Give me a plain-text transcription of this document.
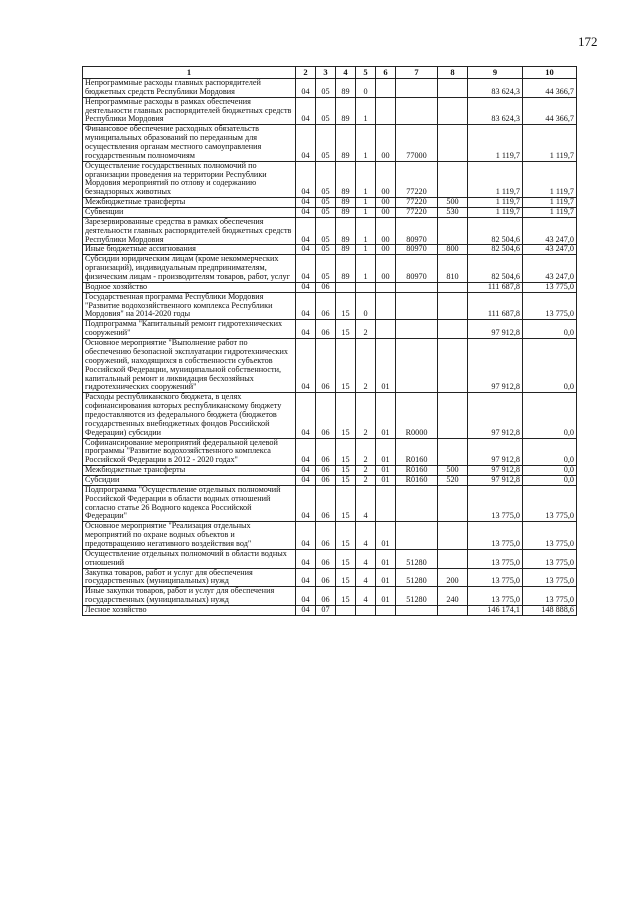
172
1	2	3	4	5	6	7	8	9	10
Непрограммные расходы главных распорядителей бюджетных средств Республики Мордовия	04	05	89	0				83 624,3	44 366,7
Непрограммные расходы в рамках обеспечения деятельности главных распорядителей бюджетных средств Республики Мордовия	04	05	89	1				83 624,3	44 366,7
Финансовое обеспечение расходных обязательств муниципальных образований по переданным для осуществления органам местного самоуправления государственным полномочиям	04	05	89	1	00	77000		1 119,7	1 119,7
Осуществление государственных полномочий по организации проведения на территории Республики Мордовия мероприятий по отлову и содержанию безнадзорных животных	04	05	89	1	00	77220		1 119,7	1 119,7
Межбюджетные трансферты	04	05	89	1	00	77220	500	1 119,7	1 119,7
Субвенции	04	05	89	1	00	77220	530	1 119,7	1 119,7
Зарезервированные средства в рамках обеспечения деятельности главных распорядителей бюджетных средств Республики Мордовия	04	05	89	1	00	80970		82 504,6	43 247,0
Иные бюджетные ассигнования	04	05	89	1	00	80970	800	82 504,6	43 247,0
Субсидии юридическим лицам (кроме некоммерческих организаций), индивидуальным предпринимателям, физическим лицам - производителям товаров, работ, услуг	04	05	89	1	00	80970	810	82 504,6	43 247,0
Водное хозяйство	04	06						111 687,8	13 775,0
Государственная программа Республики Мордовия "Развитие водохозяйственного комплекса Республики Мордовия" на 2014-2020 годы	04	06	15	0				111 687,8	13 775,0
Подпрограмма "Капитальный ремонт гидротехнических сооружений"	04	06	15	2				97 912,8	0,0
Основное мероприятие "Выполнение работ по обеспечению безопасной эксплуатации гидротехнических сооружений, находящихся в собственности субъектов Российской Федерации, муниципальной собственности, капитальный ремонт и ликвидация бесхозяйных гидротехнических сооружений"	04	06	15	2	01			97 912,8	0,0
Расходы республиканского бюджета, в целях софинансирования которых республиканскому бюджету предоставляются из федерального бюджета (бюджетов государственных внебюджетных фондов Российской Федерации) субсидии	04	06	15	2	01	R0000		97 912,8	0,0
Софинансирование мероприятий федеральной целевой программы "Развитие водохозяйственного комплекса Российской Федерации в 2012 - 2020 годах"	04	06	15	2	01	R0160		97 912,8	0,0
Межбюджетные трансферты	04	06	15	2	01	R0160	500	97 912,8	0,0
Субсидии	04	06	15	2	01	R0160	520	97 912,8	0,0
Подпрограмма "Осуществление отдельных полномочий Российской Федерации в области водных отношений согласно статье 26 Водного кодекса Российской Федерации"	04	06	15	4				13 775,0	13 775,0
Основное мероприятие "Реализация отдельных мероприятий по охране водных объектов и предотвращению негативного воздействия вод"	04	06	15	4	01			13 775,0	13 775,0
Осуществление отдельных полномочий в области водных отношений	04	06	15	4	01	51280		13 775,0	13 775,0
Закупка товаров, работ и услуг для обеспечения государственных (муниципальных) нужд	04	06	15	4	01	51280	200	13 775,0	13 775,0
Иные закупки товаров, работ и услуг для обеспечения государственных (муниципальных) нужд	04	06	15	4	01	51280	240	13 775,0	13 775,0
Лесное хозяйство	04	07						146 174,1	148 888,6
